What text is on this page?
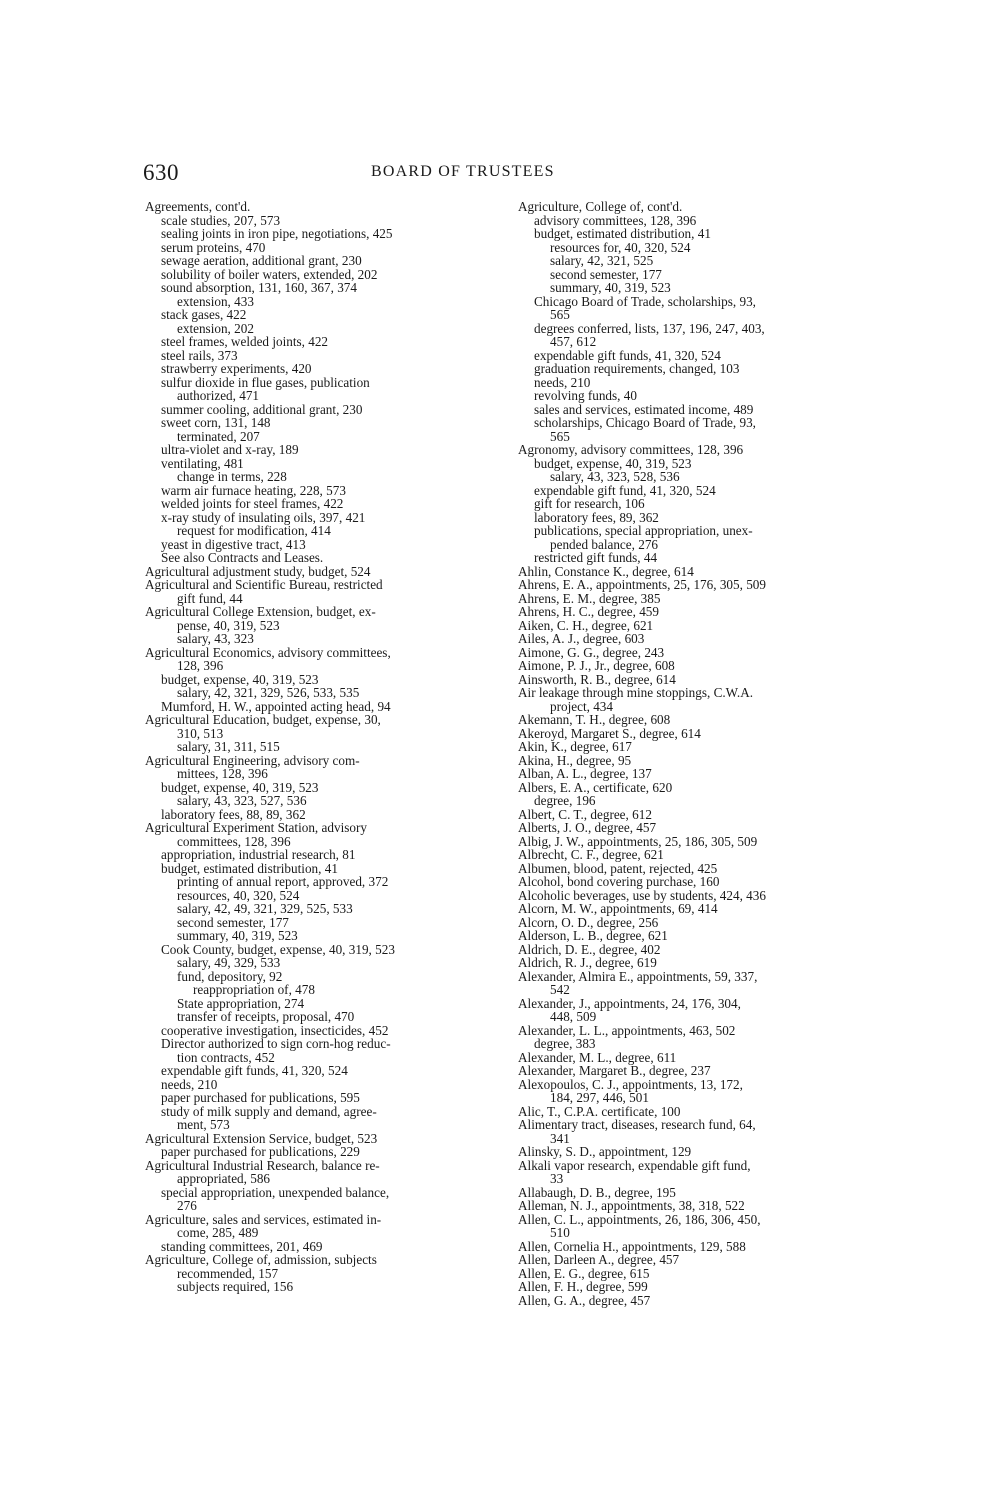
630	BOARD OF TRUSTEES
Agreements, cont'd.
scale studies, 207, 573
sealing joints in iron pipe, negotiations, 425
serum proteins, 470
sewage aeration, additional grant, 230
solubility of boiler waters, extended, 202
sound absorption, 131, 160, 367, 374
extension, 433
stack gases, 422
extension, 202
steel frames, welded joints, 422
steel rails, 373
strawberry experiments, 420
sulfur dioxide in flue gases, publication
authorized, 471
summer cooling, additional grant, 230
sweet corn, 131, 148
terminated, 207
ultra-violet and x-ray, 189
ventilating, 481
change in terms, 228
warm air furnace heating, 228, 573
welded joints for steel frames, 422
x-ray study of insulating oils, 397, 421
request for modification, 414
yeast in digestive tract, 413
See also Contracts and Leases.
Agricultural adjustment study, budget, 524
Agricultural and Scientific Bureau, restricted
gift fund, 44
Agricultural College Extension, budget, ex-
pense, 40, 319, 523
salary, 43, 323
Agricultural Economics, advisory committees,
128, 396
budget, expense, 40, 319, 523
salary, 42, 321, 329, 526, 533, 535
Mumford, H. W., appointed acting head, 94
Agricultural Education, budget, expense, 30,
310, 513
salary, 31, 311, 515
Agricultural Engineering, advisory com-
mittees, 128, 396
budget, expense, 40, 319, 523
salary, 43, 323, 527, 536
laboratory fees, 88, 89, 362
Agricultural Experiment Station, advisory
committees, 128, 396
appropriation, industrial research, 81
budget, estimated distribution, 41
printing of annual report, approved, 372
resources, 40, 320, 524
salary, 42, 49, 321, 329, 525, 533
second semester, 177
summary, 40, 319, 523
Cook County, budget, expense, 40, 319, 523
salary, 49, 329, 533
fund, depository, 92
reappropriation of, 478
State appropriation, 274
transfer of receipts, proposal, 470
cooperative investigation, insecticides, 452
Director authorized to sign corn-hog reduc-
tion contracts, 452
expendable gift funds, 41, 320, 524
needs, 210
paper purchased for publications, 595
study of milk supply and demand, agree-
ment, 573
Agricultural Extension Service, budget, 523
paper purchased for publications, 229
Agricultural Industrial Research, balance re-
appropriated, 586
special appropriation, unexpended balance,
276
Agriculture, sales and services, estimated in-
come, 285, 489
standing committees, 201, 469
Agriculture, College of, admission, subjects
recommended, 157
subjects required, 156
Agriculture, College of, cont'd.
advisory committees, 128, 396
budget, estimated distribution, 41
resources for, 40, 320, 524
salary, 42, 321, 525
second semester, 177
summary, 40, 319, 523
Chicago Board of Trade, scholarships, 93,
565
degrees conferred, lists, 137, 196, 247, 403,
457, 612
expendable gift funds, 41, 320, 524
graduation requirements, changed, 103
needs, 210
revolving funds, 40
sales and services, estimated income, 489
scholarships, Chicago Board of Trade, 93,
565
Agronomy, advisory committees, 128, 396
budget, expense, 40, 319, 523
salary, 43, 323, 528, 536
expendable gift fund, 41, 320, 524
gift for research, 106
laboratory fees, 89, 362
publications, special appropriation, unex-
pended balance, 276
restricted gift funds, 44
Ahlin, Constance K., degree, 614
Ahrens, E. A., appointments, 25, 176, 305, 509
Ahrens, E. M., degree, 385
Ahrens, H. C., degree, 459
Aiken, C. H., degree, 621
Ailes, A. J., degree, 603
Aimone, G. G., degree, 243
Aimone, P. J., Jr., degree, 608
Ainsworth, R. B., degree, 614
Air leakage through mine stoppings, C.W.A.
project, 434
Akemann, T. H., degree, 608
Akeroyd, Margaret S., degree, 614
Akin, K., degree, 617
Akina, H., degree, 95
Alban, A. L., degree, 137
Albers, E. A., certificate, 620
degree, 196
Albert, C. T., degree, 612
Alberts, J. O., degree, 457
Albig, J. W., appointments, 25, 186, 305, 509
Albrecht, C. F., degree, 621
Albumen, blood, patent, rejected, 425
Alcohol, bond covering purchase, 160
Alcoholic beverages, use by students, 424, 436
Alcorn, M. W., appointments, 69, 414
Alcorn, O. D., degree, 256
Alderson, L. B., degree, 621
Aldrich, D. E., degree, 402
Aldrich, R. J., degree, 619
Alexander, Almira E., appointments, 59, 337,
542
Alexander, J., appointments, 24, 176, 304,
448, 509
Alexander, L. L., appointments, 463, 502
degree, 383
Alexander, M. L., degree, 611
Alexander, Margaret B., degree, 237
Alexopoulos, C. J., appointments, 13, 172,
184, 297, 446, 501
Alic, T., C.P.A. certificate, 100
Alimentary tract, diseases, research fund, 64,
341
Alinsky, S. D., appointment, 129
Alkali vapor research, expendable gift fund,
33
Allabaugh, D. B., degree, 195
Alleman, N. J., appointments, 38, 318, 522
Allen, C. L., appointments, 26, 186, 306, 450,
510
Allen, Cornelia H., appointments, 129, 588
Allen, Darleen A., degree, 457
Allen, E. G., degree, 615
Allen, F. H., degree, 599
Allen, G. A., degree, 457
